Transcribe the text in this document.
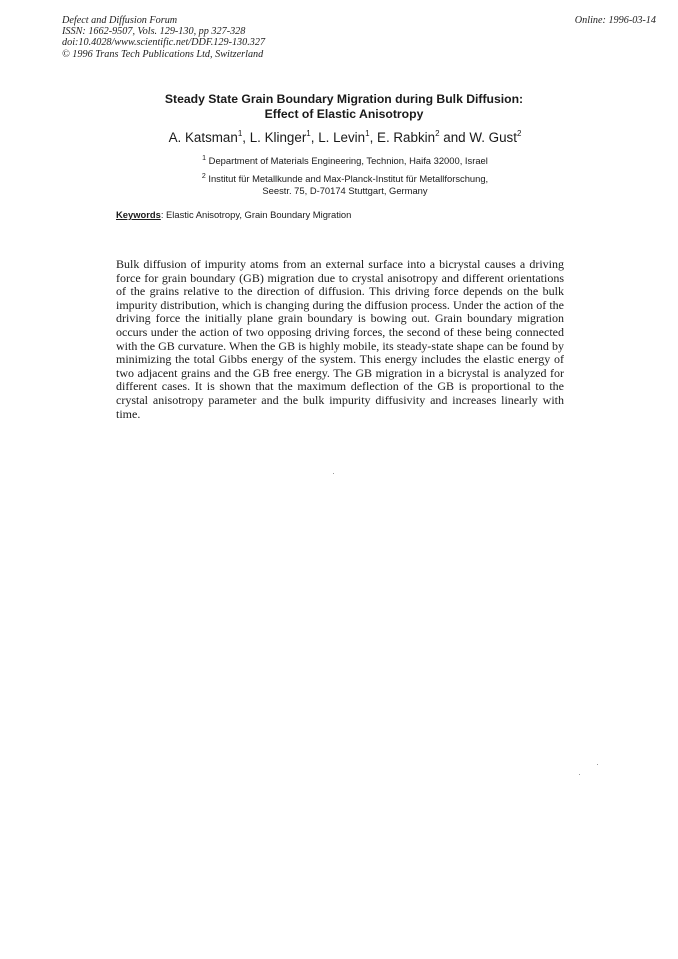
Defect and Diffusion Forum
ISSN: 1662-9507, Vols. 129-130, pp 327-328
doi:10.4028/www.scientific.net/DDF.129-130.327
© 1996 Trans Tech Publications Ltd, Switzerland
Online: 1996-03-14
Steady State Grain Boundary Migration during Bulk Diffusion:
Effect of Elastic Anisotropy
A. Katsman$^1$, L. Klinger$^1$, L. Levin$^1$, E. Rabkin$^2$ and W. Gust$^2$
$^1$ Department of Materials Engineering, Technion, Haifa 32000, Israel
$^2$ Institut für Metallkunde and Max-Planck-Institut für Metallforschung,
Seestr. 75, D-70174 Stuttgart, Germany
Keywords: Elastic Anisotropy, Grain Boundary Migration

Bulk diffusion of impurity atoms from an external surface into a bicrystal causes a driving force for grain boundary (GB) migration due to crystal anisotropy and different orientations of the grains relative to the direction of diffusion. This driving force depends on the bulk impurity distribution, which is changing during the diffusion process. Under the action of the driving force the initially plane grain boundary is bowing out. Grain boundary migration occurs under the action of two opposing driving forces, the second of these being connected with the GB curvature. When the GB is highly mobile, its steady-state shape can be found by minimizing the total Gibbs energy of the system. This energy includes the elastic energy of two adjacent grains and the GB free energy. The GB migration in a bicrystal is analyzed for different cases. It is shown that the maximum deflection of the GB is proportional to the crystal anisotropy parameter and the bulk impurity diffusivity and increases linearly with time.
